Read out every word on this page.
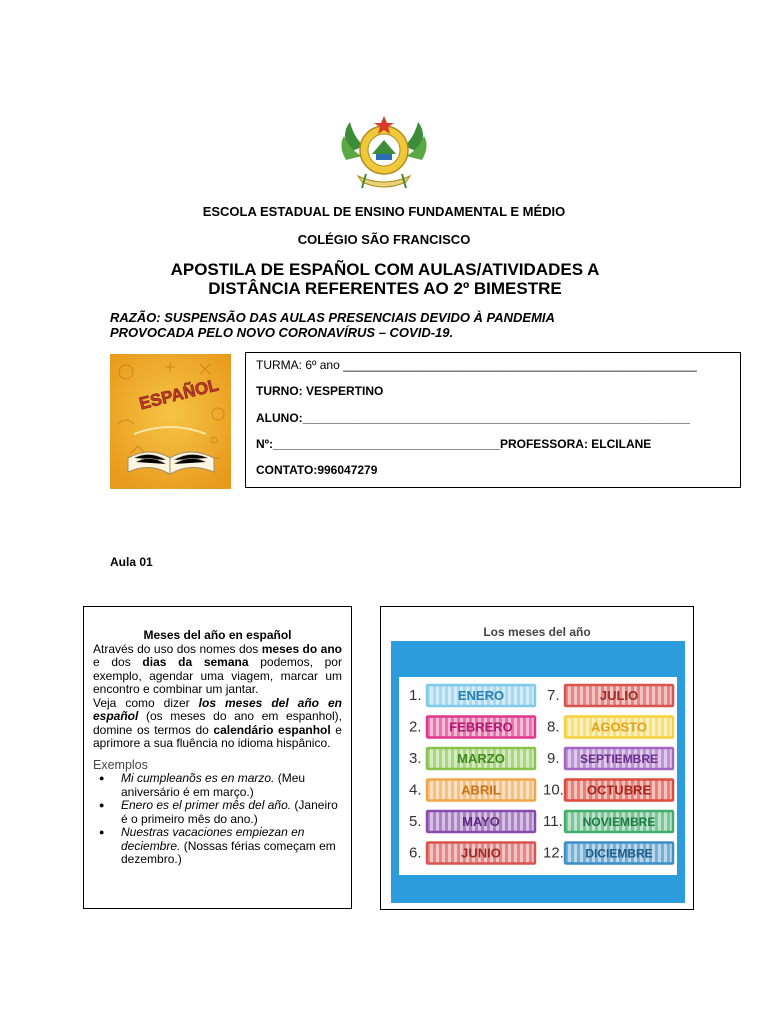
ESCOLA ESTADUAL DE ENSINO FUNDAMENTAL E MÉDIO
COLÉGIO SÃO FRANCISCO
APOSTILA DE ESPAÑOL COM AULAS/ATIVIDADES A
DISTÂNCIA REFERENTES AO 2º BIMESTRE
RAZÃO: SUSPENSÃO DAS AULAS PRESENCIAIS DEVIDO À PANDEMIA
PROVOCADA PELO NOVO CORONAVÍRUS – COVID-19.
ESPAÑOL
TURMA: 6º ano _____________________________________________________
TURNO: VESPERTINO
ALUNO:__________________________________________________________
Nº:__________________________________PROFESSORA: ELCILANE
CONTATO:996047279
Aula 01
Meses del año en español
Através do uso dos nomes dos meses do ano e dos dias da semana podemos, por exemplo, agendar uma viagem, marcar um encontro e combinar um jantar.
Veja como dizer los meses del año en español (os meses do ano em espanhol), domine os termos do calendário espanhol e aprimore a sua fluência no idioma hispânico.
Exemplos
● Mi cumpleanõs es en marzo. (Meu aniversário é em março.)
● Enero es el primer mês del año. (Janeiro é o primeiro mês do ano.)
● Nuestras vacaciones empiezan en deciembre. (Nossas férias começam em dezembro.)
Los meses del año
1.	ENERO
2. FEBRERO
3.	MARZO
4.	ABRIL
5.	MAYO
6.	JUNIO
7.	JULIO
8. AGOSTO
9. SEPTIEMBRE
10. OCTUBRE
11. NOVIEMBRE
12. DICIEMBRE
